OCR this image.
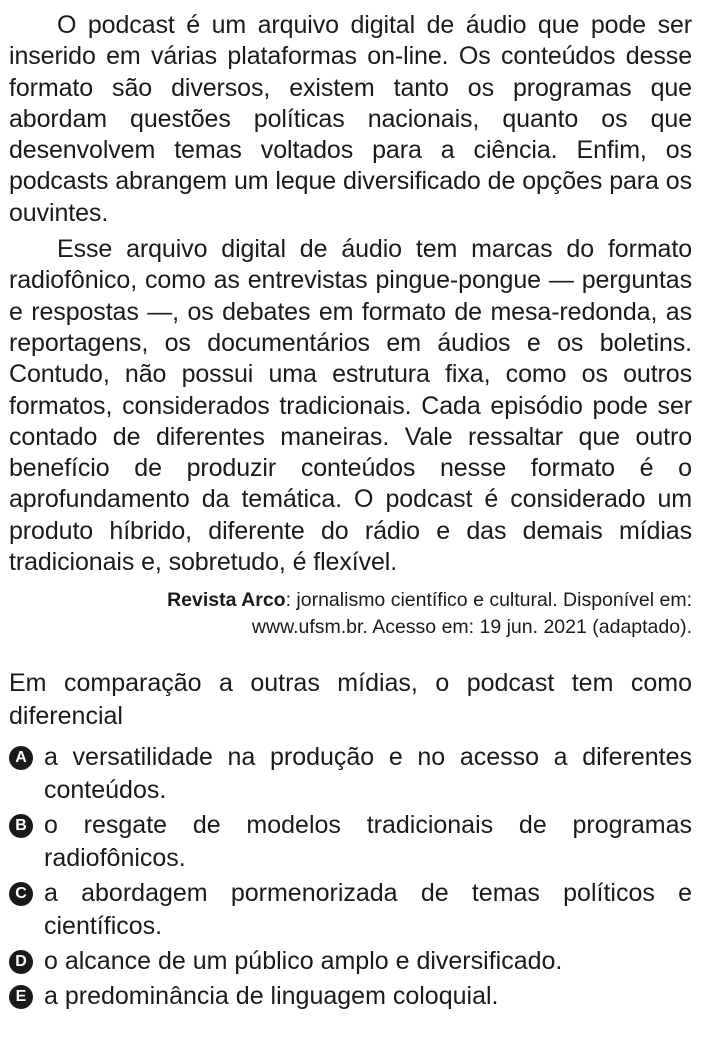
O podcast é um arquivo digital de áudio que pode ser inserido em várias plataformas on-line. Os conteúdos desse formato são diversos, existem tanto os programas que abordam questões políticas nacionais, quanto os que desenvolvem temas voltados para a ciência. Enfim, os podcasts abrangem um leque diversificado de opções para os ouvintes.

Esse arquivo digital de áudio tem marcas do formato radiofônico, como as entrevistas pingue-pongue — perguntas e respostas —, os debates em formato de mesa-redonda, as reportagens, os documentários em áudios e os boletins. Contudo, não possui uma estrutura fixa, como os outros formatos, considerados tradicionais. Cada episódio pode ser contado de diferentes maneiras. Vale ressaltar que outro benefício de produzir conteúdos nesse formato é o aprofundamento da temática. O podcast é considerado um produto híbrido, diferente do rádio e das demais mídias tradicionais e, sobretudo, é flexível.

Revista Arco: jornalismo científico e cultural. Disponível em:
www.ufsm.br. Acesso em: 19 jun. 2021 (adaptado).

Em comparação a outras mídias, o podcast tem como diferencial

A a versatilidade na produção e no acesso a diferentes conteúdos.
B o resgate de modelos tradicionais de programas radiofônicos.
C a abordagem pormenorizada de temas políticos e científicos.
D o alcance de um público amplo e diversificado.
E a predominância de linguagem coloquial.
